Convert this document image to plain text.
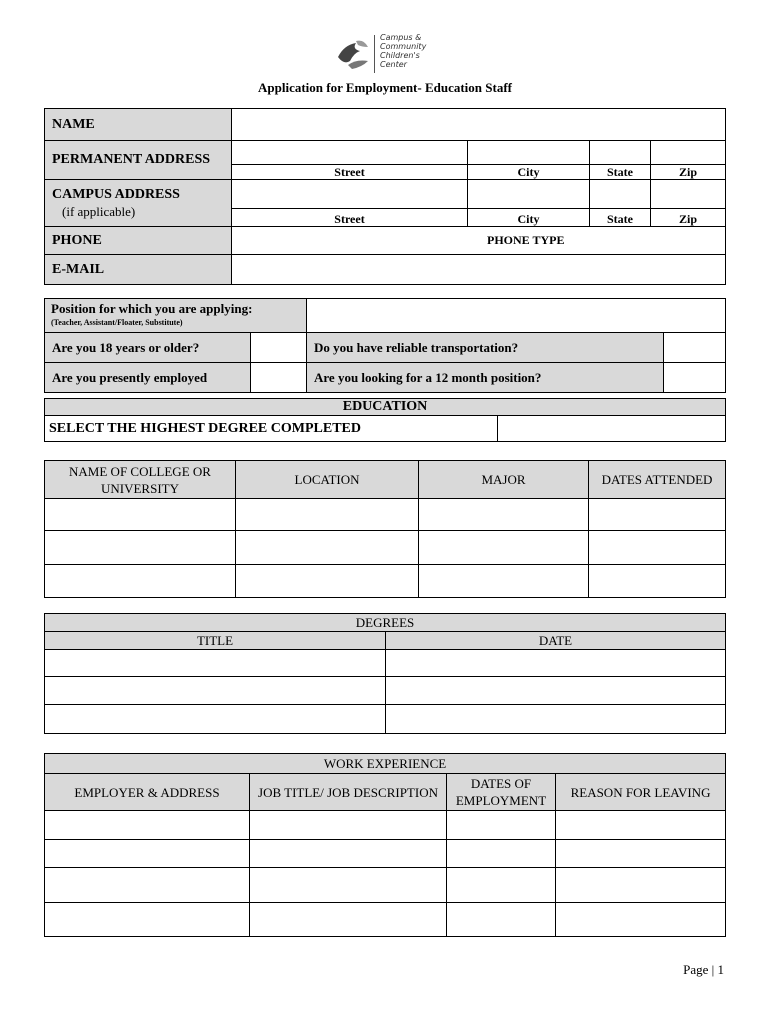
Campus &
Community
Children's
Center
Application for Employment- Education Staff
NAME				
PERMANENT ADDRESS				
	Street	City	State	Zip

CAMPUS ADDRESS
(if applicable)				

	Street	City	State	Zip
PHONE	PHONE TYPE			

E-MAIL				
Position for which you are applying:
(Teacher, Assistant/Floater, Substitute)			

Are you 18 years or older?		Do you have reliable transportation?	
Are you presently employed		Are you looking for a 12 month position?	
EDUCATION
SELECT THE HIGHEST DEGREE COMPLETED	
NAME OF COLLEGE OR UNIVERSITY	LOCATION	MAJOR	DATES ATTENDED

DEGREES	
TITLE	DATE

WORK EXPERIENCE			
EMPLOYER & ADDRESS	JOB TITLE/ JOB DESCRIPTION	DATES OF EMPLOYMENT	REASON FOR LEAVING

Page | 1
